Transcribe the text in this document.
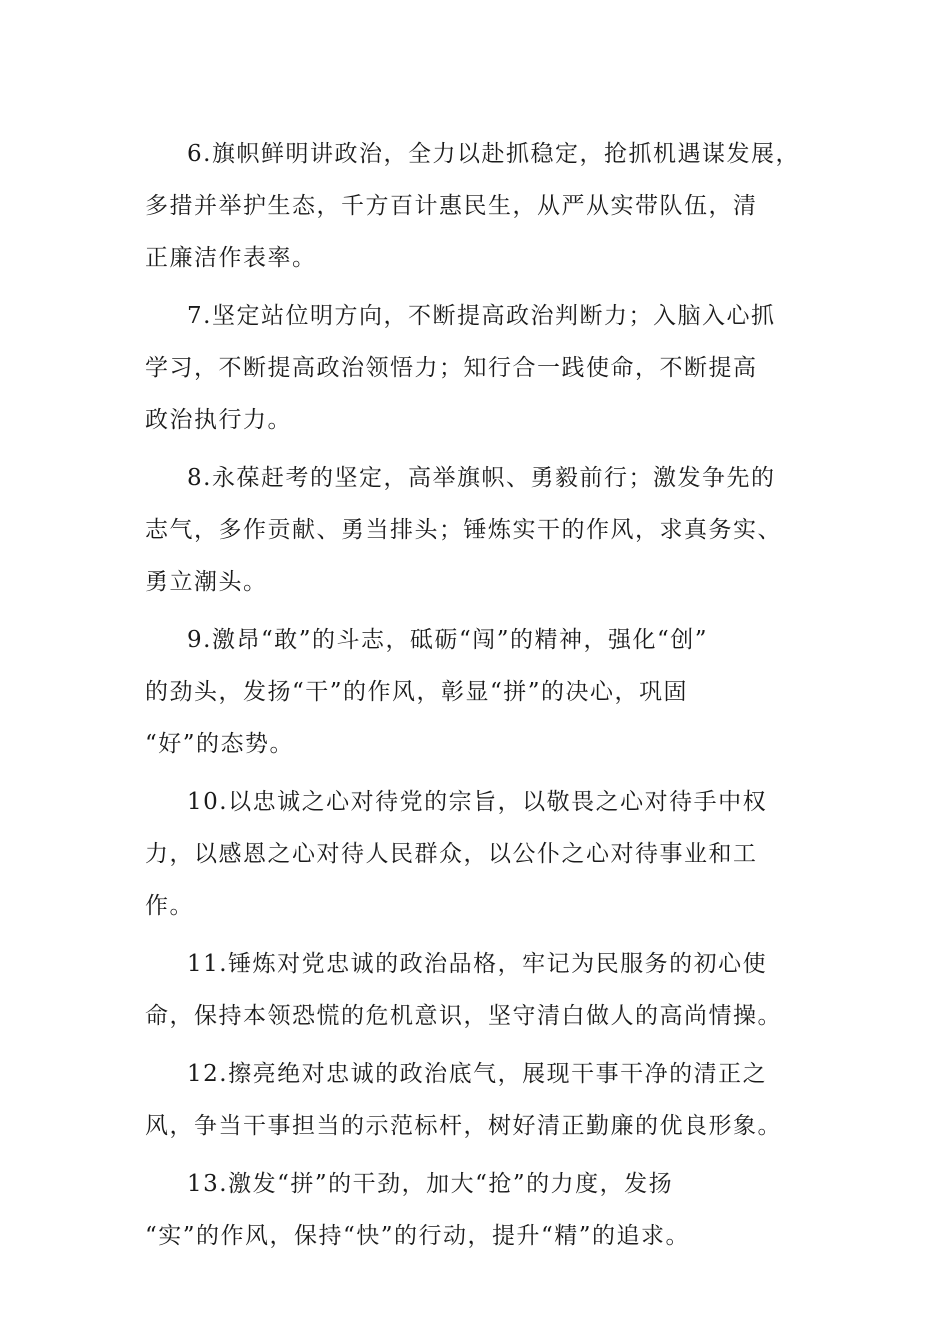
6.旗帜鲜明讲政治，全力以赴抓稳定，抢抓机遇谋发展，
多措并举护生态，千方百计惠民生，从严从实带队伍，清
正廉洁作表率。
7.坚定站位明方向，不断提高政治判断力；入脑入心抓
学习，不断提高政治领悟力；知行合一践使命，不断提高
政治执行力。
8.永葆赶考的坚定，高举旗帜、勇毅前行；激发争先的
志气，多作贡献、勇当排头；锤炼实干的作风，求真务实、
勇立潮头。
9.激昂“敢”的斗志，砥砺“闯”的精神，强化“创”
的劲头，发扬“干”的作风，彰显“拼”的决心，巩固
“好”的态势。
10.以忠诚之心对待党的宗旨，以敬畏之心对待手中权
力，以感恩之心对待人民群众，以公仆之心对待事业和工
作。
11.锤炼对党忠诚的政治品格，牢记为民服务的初心使
命，保持本领恐慌的危机意识，坚守清白做人的高尚情操。
12.擦亮绝对忠诚的政治底气，展现干事干净的清正之
风，争当干事担当的示范标杆，树好清正勤廉的优良形象。
13.激发“拼”的干劲，加大“抢”的力度，发扬
“实”的作风，保持“快”的行动，提升“精”的追求。
